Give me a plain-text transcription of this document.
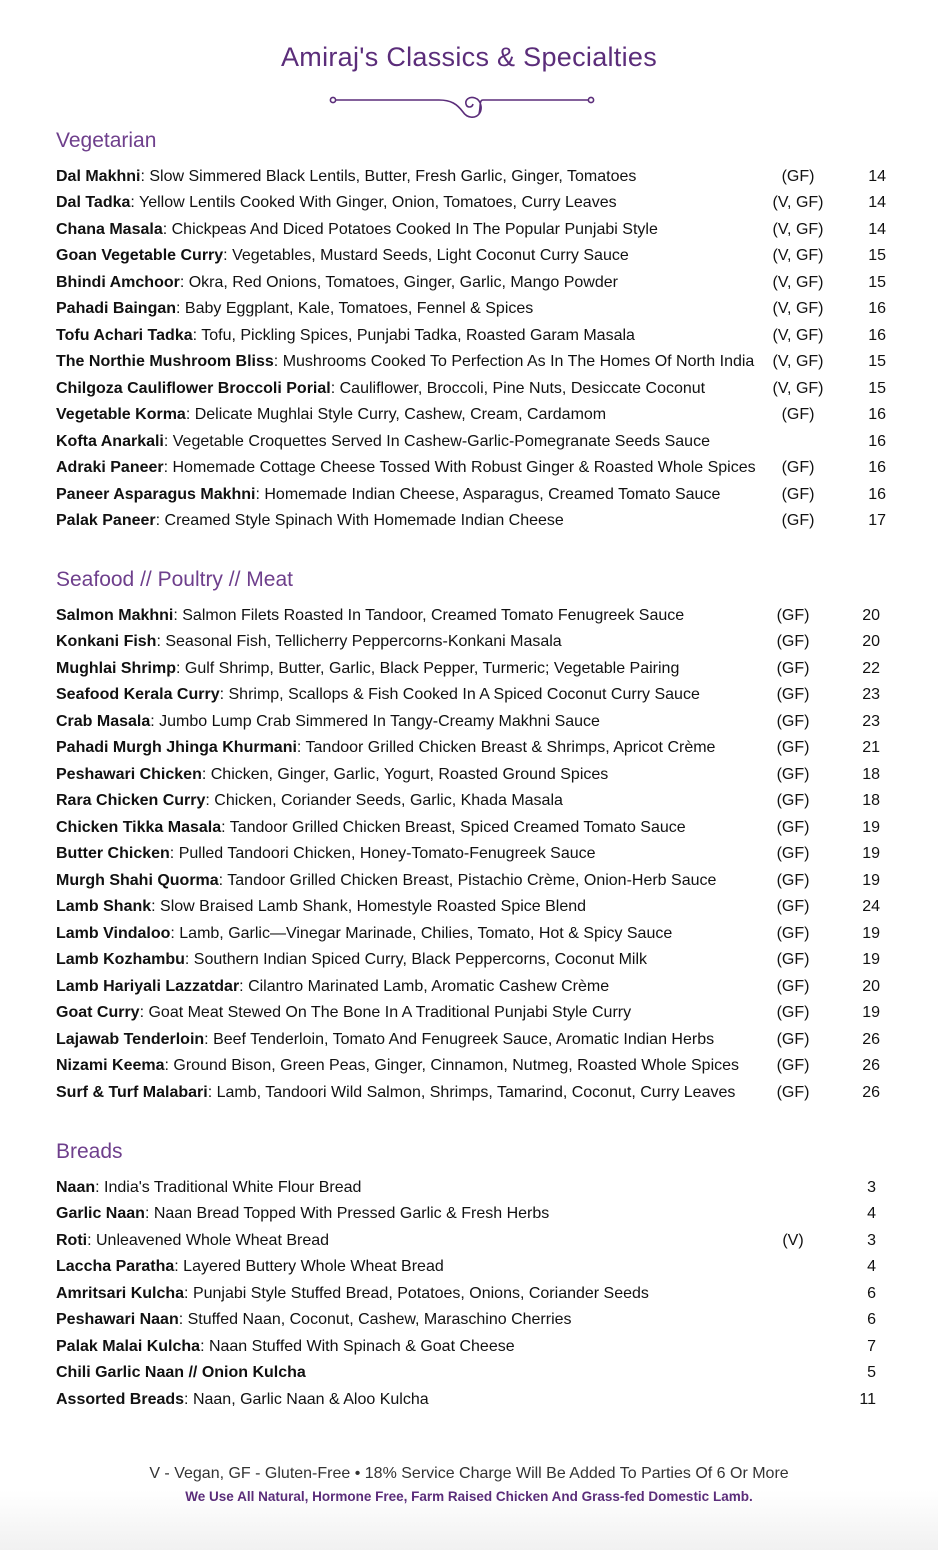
Amiraj's Classics & Specialties
Vegetarian
Dal Makhni: Slow Simmered Black Lentils, Butter, Fresh Garlic, Ginger, Tomatoes	(GF)	14
Dal Tadka: Yellow Lentils Cooked With Ginger, Onion, Tomatoes, Curry Leaves	(V, GF)	14
Chana Masala: Chickpeas And Diced Potatoes Cooked In The Popular Punjabi Style	(V, GF)	14
Goan Vegetable Curry: Vegetables, Mustard Seeds, Light Coconut Curry Sauce	(V, GF)	15
Bhindi Amchoor: Okra, Red Onions, Tomatoes, Ginger, Garlic, Mango Powder	(V, GF)	15
Pahadi Baingan: Baby Eggplant, Kale, Tomatoes, Fennel & Spices	(V, GF)	16
Tofu Achari Tadka: Tofu, Pickling Spices, Punjabi Tadka, Roasted Garam Masala	(V, GF)	16
The Northie Mushroom Bliss: Mushrooms Cooked To Perfection As In The Homes Of North India	(V, GF)	15
Chilgoza Cauliflower Broccoli Porial: Cauliflower, Broccoli, Pine Nuts, Desiccate Coconut	(V, GF)	15
Vegetable Korma: Delicate Mughlai Style Curry, Cashew, Cream, Cardamom	(GF)	16
Kofta Anarkali: Vegetable Croquettes Served In Cashew-Garlic-Pomegranate Seeds Sauce	16
Adraki Paneer: Homemade Cottage Cheese Tossed With Robust Ginger & Roasted Whole Spices	(GF)	16
Paneer Asparagus Makhni: Homemade Indian Cheese, Asparagus, Creamed Tomato Sauce	(GF)	16
Palak Paneer: Creamed Style Spinach With Homemade Indian Cheese	(GF)	17
Seafood // Poultry // Meat
Salmon Makhni: Salmon Filets Roasted In Tandoor, Creamed Tomato Fenugreek Sauce	(GF)	20
Konkani Fish: Seasonal Fish, Tellicherry Peppercorns-Konkani Masala	(GF)	20
Mughlai Shrimp: Gulf Shrimp, Butter, Garlic, Black Pepper, Turmeric; Vegetable Pairing	(GF)	22
Seafood Kerala Curry: Shrimp, Scallops & Fish Cooked In A Spiced Coconut Curry Sauce	(GF)	23
Crab Masala: Jumbo Lump Crab Simmered In Tangy-Creamy Makhni Sauce	(GF)	23
Pahadi Murgh Jhinga Khurmani: Tandoor Grilled Chicken Breast & Shrimps, Apricot Crème	(GF)	21
Peshawari Chicken: Chicken, Ginger, Garlic, Yogurt, Roasted Ground Spices	(GF)	18
Rara Chicken Curry: Chicken, Coriander Seeds, Garlic, Khada Masala	(GF)	18
Chicken Tikka Masala: Tandoor Grilled Chicken Breast, Spiced Creamed Tomato Sauce	(GF)	19
Butter Chicken: Pulled Tandoori Chicken, Honey-Tomato-Fenugreek Sauce	(GF)	19
Murgh Shahi Quorma: Tandoor Grilled Chicken Breast, Pistachio Crème, Onion-Herb Sauce	(GF)	19
Lamb Shank: Slow Braised Lamb Shank, Homestyle Roasted Spice Blend	(GF)	24
Lamb Vindaloo: Lamb, Garlic—Vinegar Marinade, Chilies, Tomato, Hot & Spicy Sauce	(GF)	19
Lamb Kozhambu: Southern Indian Spiced Curry, Black Peppercorns, Coconut Milk	(GF)	19
Lamb Hariyali Lazzatdar: Cilantro Marinated Lamb, Aromatic Cashew Crème	(GF)	20
Goat Curry: Goat Meat Stewed On The Bone In A Traditional Punjabi Style Curry	(GF)	19
Lajawab Tenderloin: Beef Tenderloin, Tomato And Fenugreek Sauce, Aromatic Indian Herbs	(GF)	26
Nizami Keema: Ground Bison, Green Peas, Ginger, Cinnamon, Nutmeg, Roasted Whole Spices	(GF)	26
Surf & Turf Malabari: Lamb, Tandoori Wild Salmon, Shrimps, Tamarind, Coconut, Curry Leaves	(GF)	26
Breads
Naan: India's Traditional White Flour Bread	3
Garlic Naan: Naan Bread Topped With Pressed Garlic & Fresh Herbs	4
Roti: Unleavened Whole Wheat Bread	(V)	3
Laccha Paratha: Layered Buttery Whole Wheat Bread	4
Amritsari Kulcha: Punjabi Style Stuffed Bread, Potatoes, Onions, Coriander Seeds	6
Peshawari Naan: Stuffed Naan, Coconut, Cashew, Maraschino Cherries	6
Palak Malai Kulcha: Naan Stuffed With Spinach & Goat Cheese	7
Chili Garlic Naan // Onion Kulcha	5
Assorted Breads: Naan, Garlic Naan & Aloo Kulcha	11
V - Vegan, GF - Gluten-Free • 18% Service Charge Will Be Added To Parties Of 6 Or More
We Use All Natural, Hormone Free, Farm Raised Chicken And Grass-fed Domestic Lamb.
